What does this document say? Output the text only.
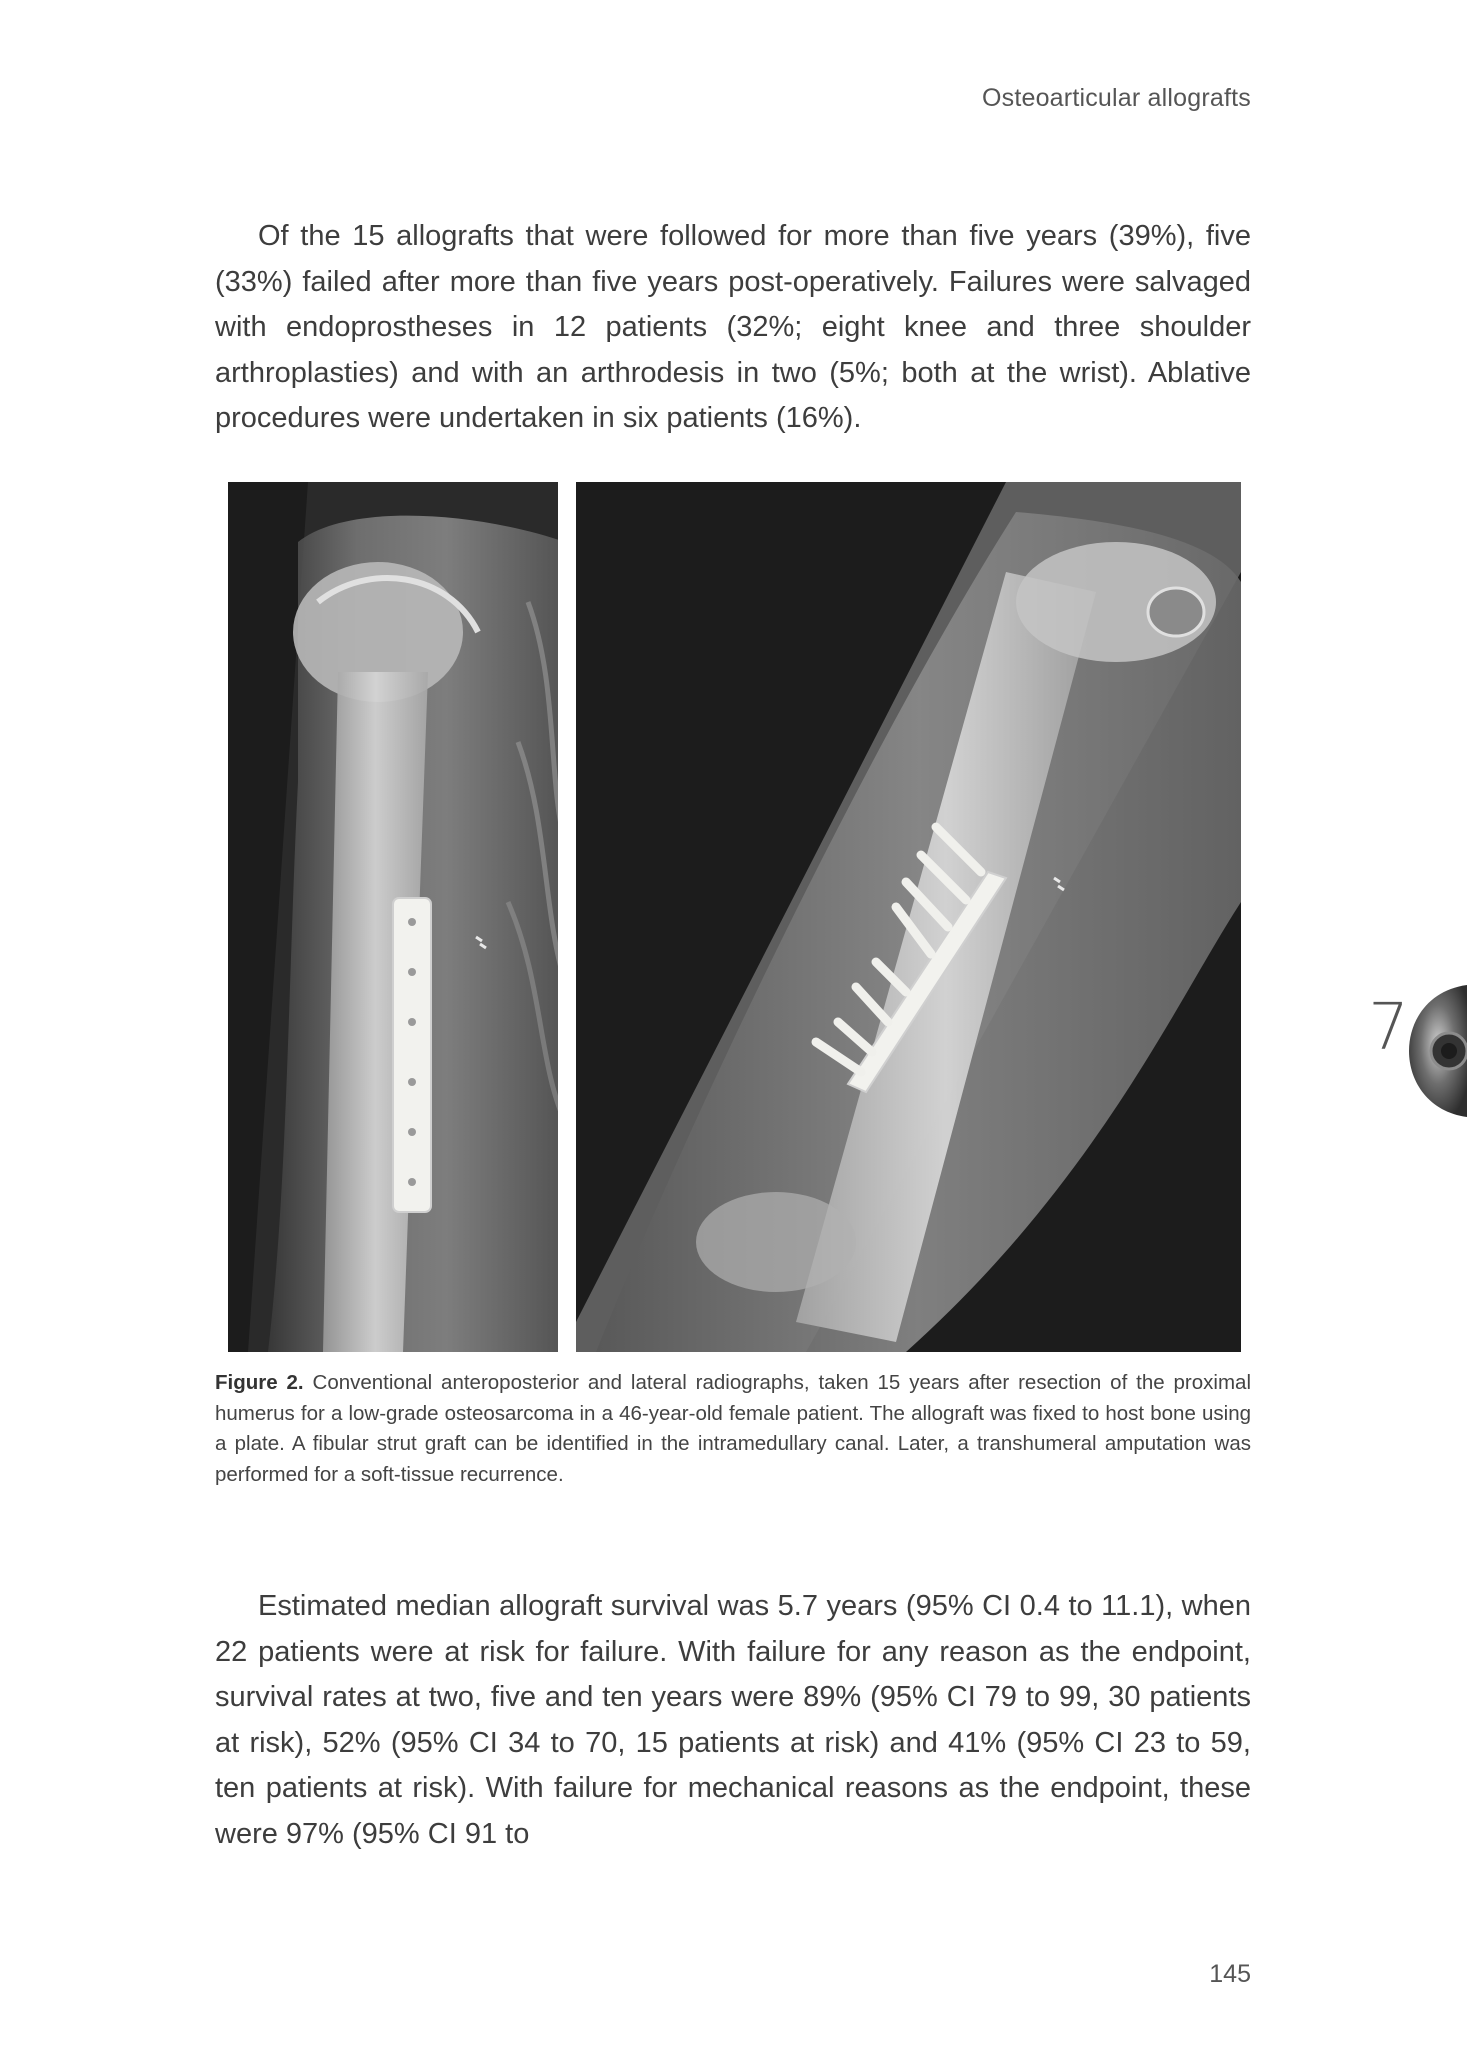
Osteoarticular allografts

Of the 15 allografts that were followed for more than five years (39%), five (33%) failed after more than five years post-operatively. Failures were salvaged with endoprostheses in 12 patients (32%; eight knee and three shoulder arthroplasties) and with an arthrodesis in two (5%; both at the wrist). Ablative procedures were undertaken in six patients (16%).

Figure 2. Conventional anteroposterior and lateral radiographs, taken 15 years after resection of the proximal humerus for a low-grade osteosarcoma in a 46-year-old female patient. The allograft was fixed to host bone using a plate. A fibular strut graft can be identified in the intramedullary canal. Later, a transhumeral amputation was performed for a soft-tissue recurrence.

Estimated median allograft survival was 5.7 years (95% CI 0.4 to 11.1), when 22 patients were at risk for failure. With failure for any reason as the endpoint, survival rates at two, five and ten years were 89% (95% CI 79 to 99, 30 patients at risk), 52% (95% CI 34 to 70, 15 patients at risk) and 41% (95% CI 23 to 59, ten patients at risk). With failure for mechanical reasons as the endpoint, these were 97% (95% CI 91 to

7
145
